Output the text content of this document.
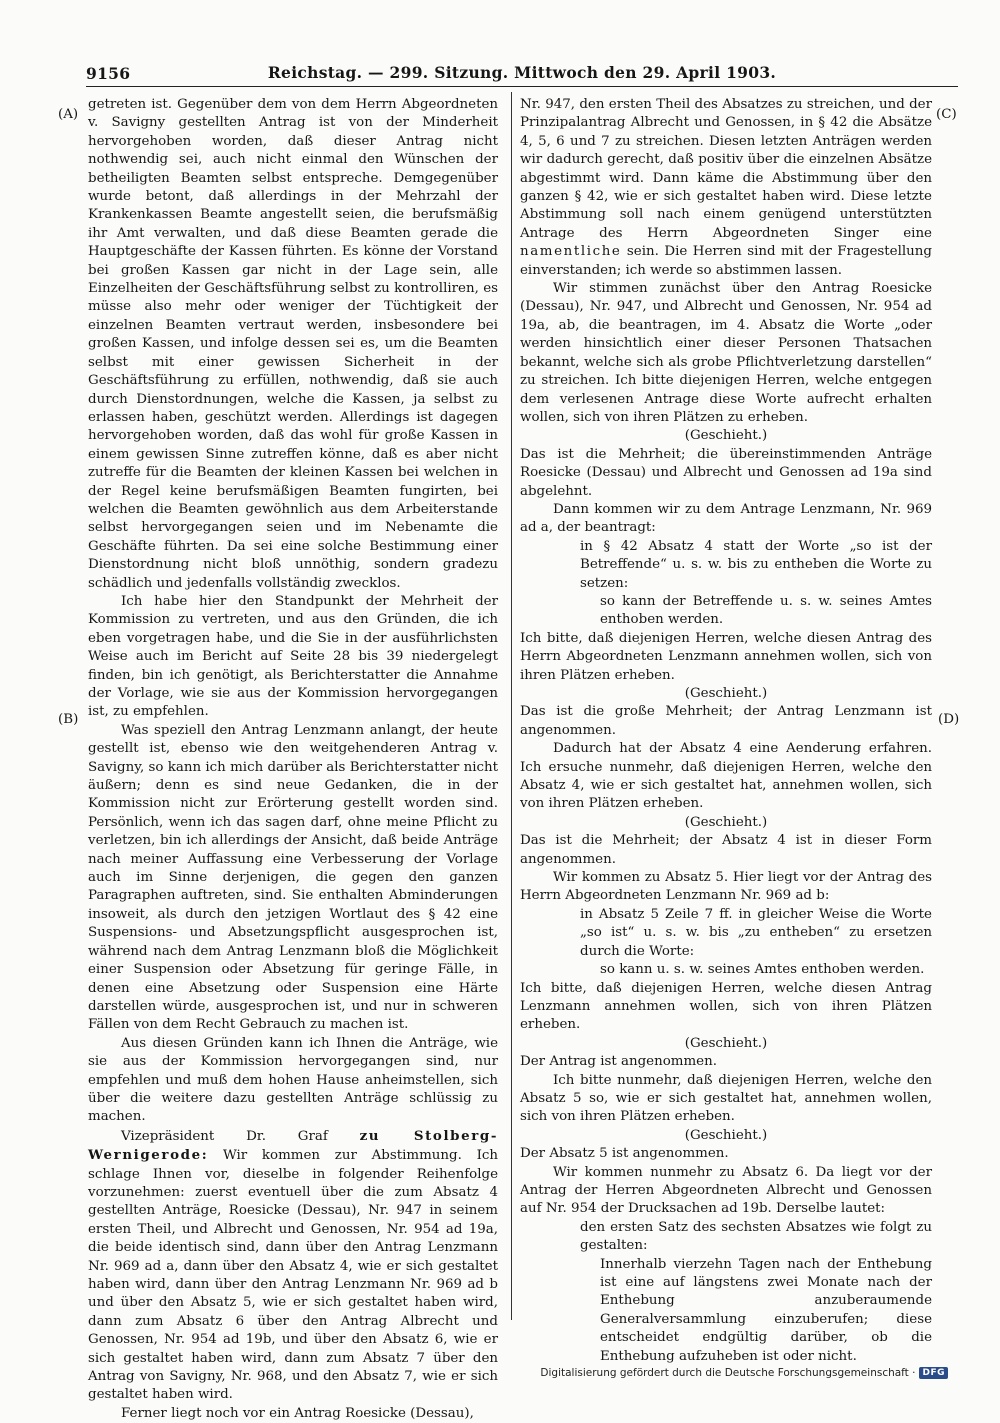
9156	Reichstag. — 299. Sitzung. Mittwoch den 29. April 1903.
(A)
(B)
(C)
(D)

getreten ist. Gegenüber dem von dem Herrn Abgeordneten v. Savigny gestellten Antrag ist von der Minderheit hervorgehoben worden, daß dieser Antrag nicht nothwendig sei, auch nicht einmal den Wünschen der betheiligten Beamten selbst entspreche. Demgegenüber wurde betont, daß allerdings in der Mehrzahl der Krankenkassen Beamte angestellt seien, die berufsmäßig ihr Amt verwalten, und daß diese Beamten gerade die Hauptgeschäfte der Kassen führten. Es könne der Vorstand bei großen Kassen gar nicht in der Lage sein, alle Einzelheiten der Geschäftsführung selbst zu kontrolliren, es müsse also mehr oder weniger der Tüchtigkeit der einzelnen Beamten vertraut werden, insbesondere bei großen Kassen, und infolge dessen sei es, um die Beamten selbst mit einer gewissen Sicherheit in der Geschäftsführung zu erfüllen, nothwendig, daß sie auch durch Dienstordnungen, welche die Kassen, ja selbst zu erlassen haben, geschützt werden. Allerdings ist dagegen hervorgehoben worden, daß das wohl für große Kassen in einem gewissen Sinne zutreffen könne, daß es aber nicht zutreffe für die Beamten der kleinen Kassen bei welchen in der Regel keine berufsmäßigen Beamten fungirten, bei welchen die Beamten gewöhnlich aus dem Arbeiterstande selbst hervorgegangen seien und im Nebenamte die Geschäfte führten. Da sei eine solche Bestimmung einer Dienstordnung nicht bloß unnöthig, sondern gradezu schädlich und jedenfalls vollständig zwecklos.

Ich habe hier den Standpunkt der Mehrheit der Kommission zu vertreten, und aus den Gründen, die ich eben vorgetragen habe, und die Sie in der ausführlichsten Weise auch im Bericht auf Seite 28 bis 39 niedergelegt finden, bin ich genötigt, als Berichterstatter die Annahme der Vorlage, wie sie aus der Kommission hervorgegangen ist, zu empfehlen.

Was speziell den Antrag Lenzmann anlangt, der heute gestellt ist, ebenso wie den weitgehenderen Antrag v. Savigny, so kann ich mich darüber als Berichterstatter nicht äußern; denn es sind neue Gedanken, die in der Kommission nicht zur Erörterung gestellt worden sind. Persönlich, wenn ich das sagen darf, ohne meine Pflicht zu verletzen, bin ich allerdings der Ansicht, daß beide Anträge nach meiner Auffassung eine Verbesserung der Vorlage auch im Sinne derjenigen, die gegen den ganzen Paragraphen auftreten, sind. Sie enthalten Abminderungen insoweit, als durch den jetzigen Wortlaut des § 42 eine Suspensions- und Absetzungspflicht ausgesprochen ist, während nach dem Antrag Lenzmann bloß die Möglichkeit einer Suspension oder Absetzung für geringe Fälle, in denen eine Absetzung oder Suspension eine Härte darstellen würde, ausgesprochen ist, und nur in schweren Fällen von dem Recht Gebrauch zu machen ist.

Aus diesen Gründen kann ich Ihnen die Anträge, wie sie aus der Kommission hervorgegangen sind, nur empfehlen und muß dem hohen Hause anheimstellen, sich über die weitere dazu gestellten Anträge schlüssig zu machen.

Vizepräsident Dr. Graf zu Stolberg-Wernigerode: Wir kommen zur Abstimmung. Ich schlage Ihnen vor, dieselbe in folgender Reihenfolge vorzunehmen: zuerst eventuell über die zum Absatz 4 gestellten Anträge, Roesicke (Dessau), Nr. 947 in seinem ersten Theil, und Albrecht und Genossen, Nr. 954 ad 19a, die beide identisch sind, dann über den Antrag Lenzmann Nr. 969 ad a, dann über den Absatz 4, wie er sich gestaltet haben wird, dann über den Antrag Lenzmann Nr. 969 ad b und über den Absatz 5, wie er sich gestaltet haben wird, dann zum Absatz 6 über den Antrag Albrecht und Genossen, Nr. 954 ad 19b, und über den Absatz 6, wie er sich gestaltet haben wird, dann zum Absatz 7 über den Antrag von Savigny, Nr. 968, und den Absatz 7, wie er sich gestaltet haben wird.

Ferner liegt noch vor ein Antrag Roesicke (Dessau),

Nr. 947, den ersten Theil des Absatzes zu streichen, und der Prinzipalantrag Albrecht und Genossen, in § 42 die Absätze 4, 5, 6 und 7 zu streichen. Diesen letzten Anträgen werden wir dadurch gerecht, daß positiv über die einzelnen Absätze abgestimmt wird. Dann käme die Abstimmung über den ganzen § 42, wie er sich gestaltet haben wird. Diese letzte Abstimmung soll nach einem genügend unterstützten Antrage des Herrn Abgeordneten Singer eine namentliche sein. Die Herren sind mit der Fragestellung einverstanden; ich werde so abstimmen lassen.

Wir stimmen zunächst über den Antrag Roesicke (Dessau), Nr. 947, und Albrecht und Genossen, Nr. 954 ad 19a, ab, die beantragen, im 4. Absatz die Worte „oder werden hinsichtlich einer dieser Personen Thatsachen bekannt, welche sich als grobe Pflichtverletzung darstellen“ zu streichen. Ich bitte diejenigen Herren, welche entgegen dem verlesenen Antrage diese Worte aufrecht erhalten wollen, sich von ihren Plätzen zu erheben.

(Geschieht.)

Das ist die Mehrheit; die übereinstimmenden Anträge Roesicke (Dessau) und Albrecht und Genossen ad 19a sind abgelehnt.

Dann kommen wir zu dem Antrage Lenzmann, Nr. 969 ad a, der beantragt:

in § 42 Absatz 4 statt der Worte „so ist der Betreffende“ u. s. w. bis zu entheben die Worte zu setzen:

so kann der Betreffende u. s. w. seines Amtes enthoben werden.

Ich bitte, daß diejenigen Herren, welche diesen Antrag des Herrn Abgeordneten Lenzmann annehmen wollen, sich von ihren Plätzen erheben.

(Geschieht.)

Das ist die große Mehrheit; der Antrag Lenzmann ist angenommen.

Dadurch hat der Absatz 4 eine Aenderung erfahren. Ich ersuche nunmehr, daß diejenigen Herren, welche den Absatz 4, wie er sich gestaltet hat, annehmen wollen, sich von ihren Plätzen erheben.

(Geschieht.)

Das ist die Mehrheit; der Absatz 4 ist in dieser Form angenommen.

Wir kommen zu Absatz 5. Hier liegt vor der Antrag des Herrn Abgeordneten Lenzmann Nr. 969 ad b:

in Absatz 5 Zeile 7 ff. in gleicher Weise die Worte „so ist“ u. s. w. bis „zu entheben“ zu ersetzen durch die Worte:

so kann u. s. w. seines Amtes enthoben werden.

Ich bitte, daß diejenigen Herren, welche diesen Antrag Lenzmann annehmen wollen, sich von ihren Plätzen erheben.

(Geschieht.)

Der Antrag ist angenommen.

Ich bitte nunmehr, daß diejenigen Herren, welche den Absatz 5 so, wie er sich gestaltet hat, annehmen wollen, sich von ihren Plätzen erheben.

(Geschieht.)

Der Absatz 5 ist angenommen.

Wir kommen nunmehr zu Absatz 6. Da liegt vor der Antrag der Herren Abgeordneten Albrecht und Genossen auf Nr. 954 der Drucksachen ad 19b. Derselbe lautet:

den ersten Satz des sechsten Absatzes wie folgt zu gestalten:

Innerhalb vierzehn Tagen nach der Enthebung ist eine auf längstens zwei Monate nach der Enthebung anzuberaumende Generalversammlung einzuberufen; diese entscheidet endgültig darüber, ob die Enthebung aufzuheben ist oder nicht.

Digitalisierung gefördert durch die Deutsche Forschungsgemeinschaft · DFG
